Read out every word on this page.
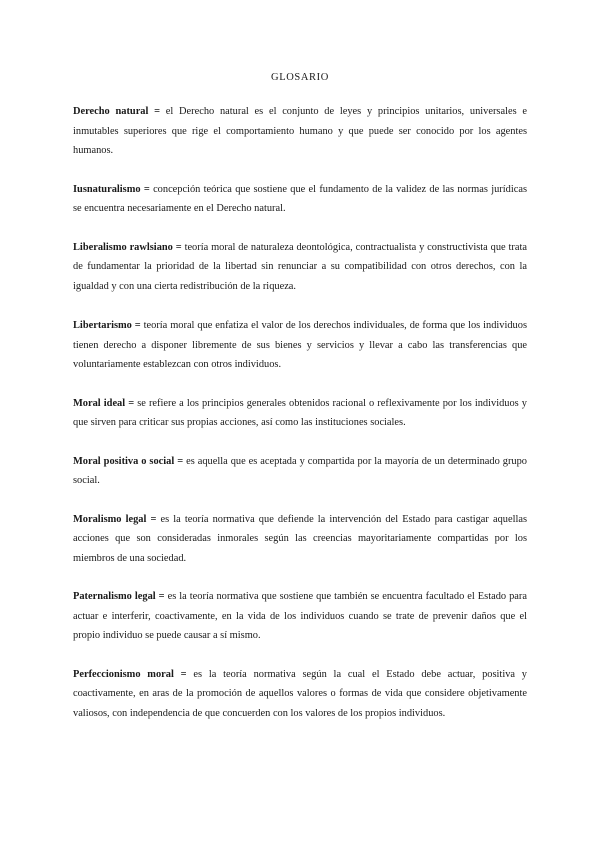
GLOSARIO

Derecho natural = el Derecho natural es el conjunto de leyes y principios unitarios, universales e inmutables superiores que rige el comportamiento humano y que puede ser conocido por los agentes humanos.

Iusnaturalismo = concepción teórica que sostiene que el fundamento de la validez de las normas jurídicas se encuentra necesariamente en el Derecho natural.

Liberalismo rawlsiano = teoría moral de naturaleza deontológica, contractualista y constructivista que trata de fundamentar la prioridad de la libertad sin renunciar a su compatibilidad con otros derechos, con la igualdad y con una cierta redistribución de la riqueza.

Libertarismo = teoría moral que enfatiza el valor de los derechos individuales, de forma que los individuos tienen derecho a disponer libremente de sus bienes y servicios y llevar a cabo las transferencias que voluntariamente establezcan con otros individuos.

Moral ideal = se refiere a los principios generales obtenidos racional o reflexivamente por los individuos y que sirven para criticar sus propias acciones, así como las instituciones sociales.

Moral positiva o social = es aquella que es aceptada y compartida por la mayoría de un determinado grupo social.

Moralismo legal = es la teoría normativa que defiende la intervención del Estado para castigar aquellas acciones que son consideradas inmorales según las creencias mayoritariamente compartidas por los miembros de una sociedad.

Paternalismo legal = es la teoría normativa que sostiene que también se encuentra facultado el Estado para actuar e interferir, coactivamente, en la vida de los individuos cuando se trate de prevenir daños que el propio individuo se puede causar a sí mismo.

Perfeccionismo moral = es la teoría normativa según la cual el Estado debe actuar, positiva y coactivamente, en aras de la promoción de aquellos valores o formas de vida que considere objetivamente valiosos, con independencia de que concuerden con los valores de los propios individuos.
